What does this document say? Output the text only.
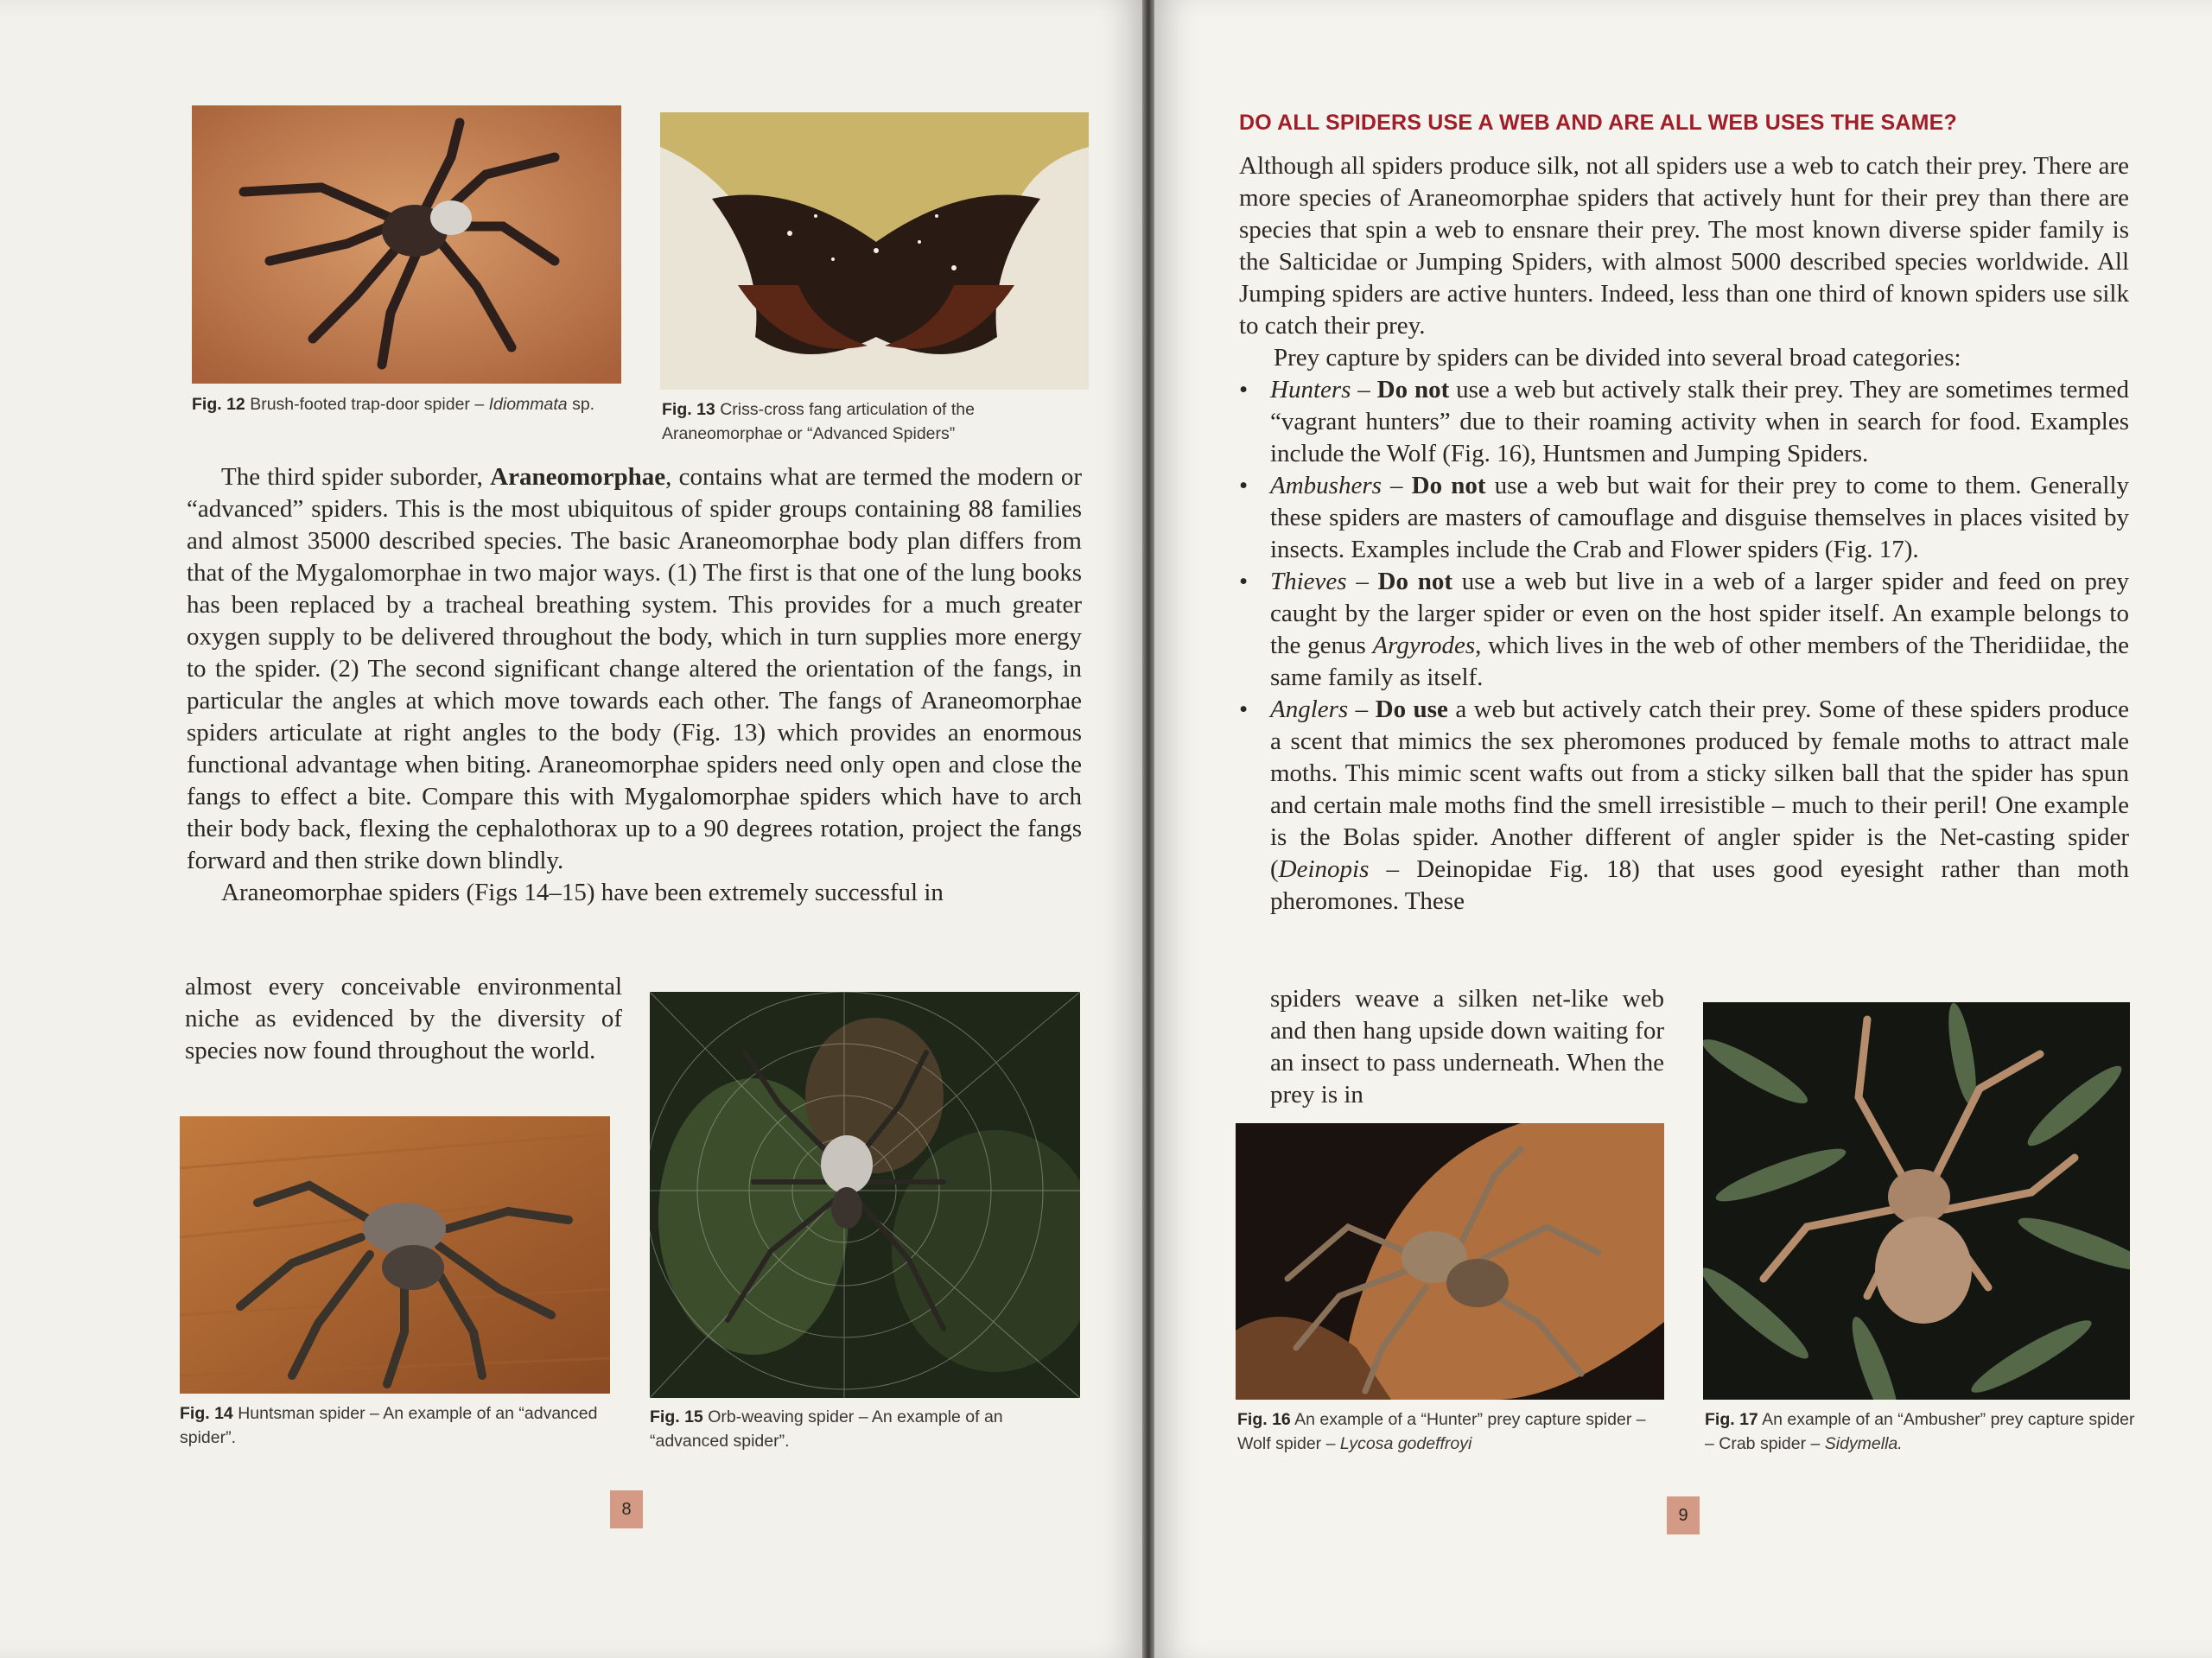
Fig. 12 Brush-footed trap-door spider – Idiommata sp.	Fig. 13 Criss-cross fang articulation of the Araneomorphae or “Advanced Spiders”

The third spider suborder, Araneomorphae, contains what are termed the modern or “advanced” spiders. This is the most ubiquitous of spider groups containing 88 families and almost 35000 described species. The basic Araneomorphae body plan differs from that of the Mygalomorphae in two major ways. (1) The first is that one of the lung books has been replaced by a tracheal breathing system. This provides for a much greater oxygen supply to be delivered throughout the body, which in turn supplies more energy to the spider. (2) The second significant change altered the orientation of the fangs, in particular the angles at which move towards each other. The fangs of Araneomorphae spiders articulate at right angles to the body (Fig. 13) which provides an enormous functional advantage when biting. Araneomorphae spiders need only open and close the fangs to effect a bite. Compare this with Mygalomorphae spiders which have to arch their body back, flexing the cephalothorax up to a 90 degrees rotation, project the fangs forward and then strike down blindly.

Araneomorphae spiders (Figs 14–15) have been extremely successful in

almost every conceivable environmental niche as evidenced by the diversity of species now found throughout the world.

Fig. 15 Orb-weaving spider – An example of an “advanced spider”.
Fig. 14 Huntsman spider – An example of an “advanced spider”.
8
DO ALL SPIDERS USE A WEB AND ARE ALL WEB USES THE SAME?

Although all spiders produce silk, not all spiders use a web to catch their prey. There are more species of Araneomorphae spiders that actively hunt for their prey than there are species that spin a web to ensnare their prey. The most known diverse spider family is the Salticidae or Jumping Spiders, with almost 5000 described species worldwide. All Jumping spiders are active hunters. Indeed, less than one third of known spiders use silk to catch their prey.

Prey capture by spiders can be divided into several broad categories:

• Hunters – Do not use a web but actively stalk their prey. They are sometimes termed “vagrant hunters” due to their roaming activity when in search for food. Examples include the Wolf (Fig. 16), Huntsmen and Jumping Spiders.
• Ambushers – Do not use a web but wait for their prey to come to them. Generally these spiders are masters of camouflage and disguise themselves in places visited by insects. Examples include the Crab and Flower spiders (Fig. 17).
• Thieves – Do not use a web but live in a web of a larger spider and feed on prey caught by the larger spider or even on the host spider itself. An example belongs to the genus Argyrodes, which lives in the web of other members of the Theridiidae, the same family as itself.
• Anglers – Do use a web but actively catch their prey. Some of these spiders produce a scent that mimics the sex pheromones produced by female moths to attract male moths. This mimic scent wafts out from a sticky silken ball that the spider has spun and certain male moths find the smell irresistible – much to their peril! One example is the Bolas spider. Another different of angler spider is the Net-casting spider (Deinopis – Deinopidae Fig. 18) that uses good eyesight rather than moth pheromones. These

spiders weave a silken net-like web and then hang upside down waiting for an insect to pass underneath. When the prey is in

Fig. 17 An example of an “Ambusher” prey capture spider – Crab spider – Sidymella.
Fig. 16 An example of a “Hunter” prey capture spider – Wolf spider – Lycosa godeffroyi
9
